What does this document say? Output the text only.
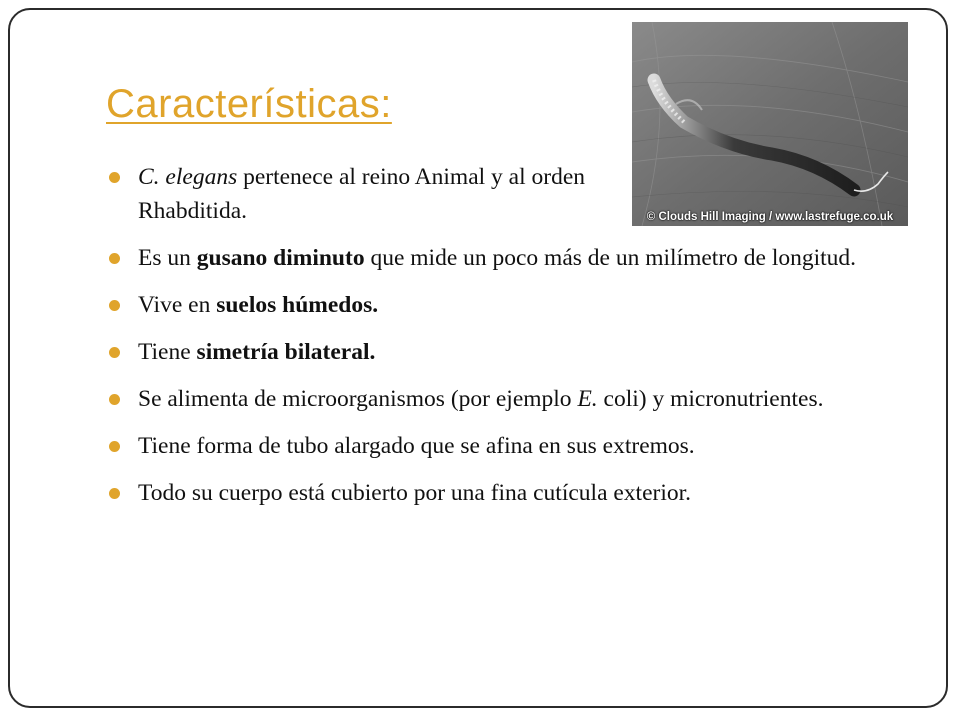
Características:
© Clouds Hill Imaging / www.lastrefuge.co.uk
C. elegans pertenece al reino Animal y al orden Rhabditida.
Es un gusano diminuto que mide un poco más de un milímetro de longitud.
Vive en suelos húmedos.
Tiene simetría bilateral.
Se alimenta de microorganismos (por ejemplo E. coli) y micronutrientes.
Tiene forma de tubo alargado que se afina en sus extremos.
Todo su cuerpo está cubierto por una fina cutícula exterior.
